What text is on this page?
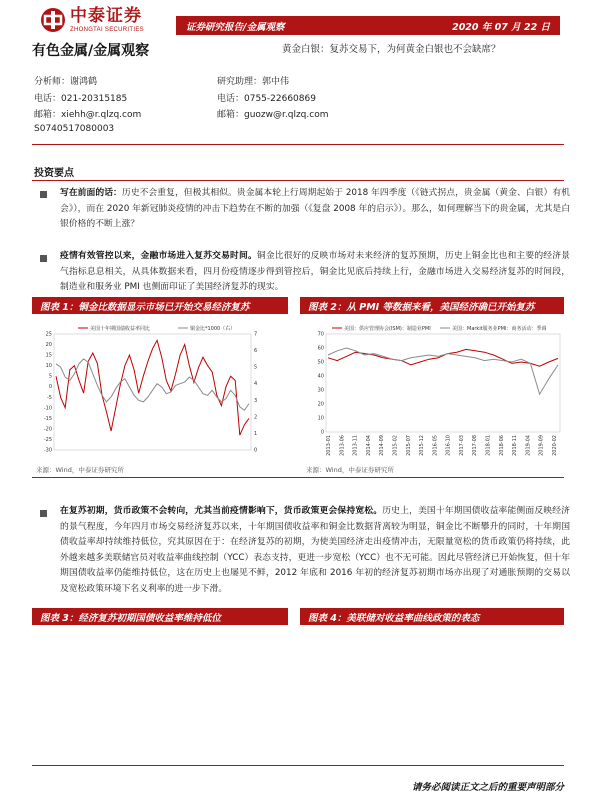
中泰证券
ZHONGTAI SECURITIES	证券研究报告/金属观察	2020 年 07 月 22 日
有色金属/金属观察	黄金白银：复苏交易下，为何黄金白银也不会缺席？
分析师：谢鸿鹤
电话：021-20315185
邮箱：xiehh@r.qlzq.com
S0740517080003
研究助理：郭中伟
电话：0755-22660869
邮箱：guozw@r.qlzq.com
投资要点
写在前面的话：历史不会重复，但极其相似。贵金属本轮上行周期起始于 2018 年四季度（《链式拐点，贵金属（黄金、白银）有机会》），而在 2020 年新冠肺炎疫情的冲击下趋势在不断的加强（《复盘 2008 年的启示》）。那么，如何理解当下的贵金属，尤其是白银价格的不断上涨？
疫情有效管控以来，金融市场进入复苏交易时间。铜金比很好的反映市场对未来经济的复苏预期，历史上铜金比也和主要的经济景气指标息息相关，从具体数据来看，四月份疫情逐步得到管控后，铜金比见底后持续上行，金融市场进入交易经济复苏的时间段，制造业和服务业 PMI 也侧面印证了美国经济复苏的现实。
图表 1：铜金比数据显示市场已开始交易经济复苏	图表 2：从 PMI 等数据来看，美国经济确已开始复苏
-30
-25
-20
-15
-10
-5
0
5
10
15
20
25
0
1
2
3
4
5
6
7
美国十年期国债收益率同比	铜金比*1000（右）
0
10
20
30
40
50
60
70
2013-01 2013-06 2013-11 2014-04 2014-09 2015-02 2015-07 2015-12 2016-05 2016-10 2017-03 2017-08 2018-01 2018-06 2018-11 2019-04 2019-09 2020-02
美国：供应管理协会(ISM)：制造业PMI	美国：Markit服务业PMI：商务活动：季调
来源：Wind，中泰证券研究所	来源：Wind，中泰证券研究所
在复苏初期，货币政策不会转向，尤其当前疫情影响下，货币政策更会保持宽松。历史上，美国十年期国债收益率能侧面反映经济的景气程度，今年四月市场交易经济复苏以来，十年期国债收益率和铜金比数据背离较为明显，铜金比不断攀升的同时，十年期国债收益率却持续维持低位，究其原因在于：在经济复苏的初期，为使美国经济走出疫情冲击，无限量宽松的货币政策仍将持续，此外越来越多美联储官员对收益率曲线控制（YCC）表态支持，更进一步宽松（YCC）也不无可能。因此尽管经济已开始恢复，但十年期国债收益率仍能维持低位，这在历史上也屡见不鲜，2012 年底和 2016 年初的经济复苏初期市场亦出现了对通胀预期的交易以及宽松政策环境下名义利率的进一步下滑。
图表 3：经济复苏初期国债收益率维持低位	图表 4：美联储对收益率曲线政策的表态
请务必阅读正文之后的重要声明部分
